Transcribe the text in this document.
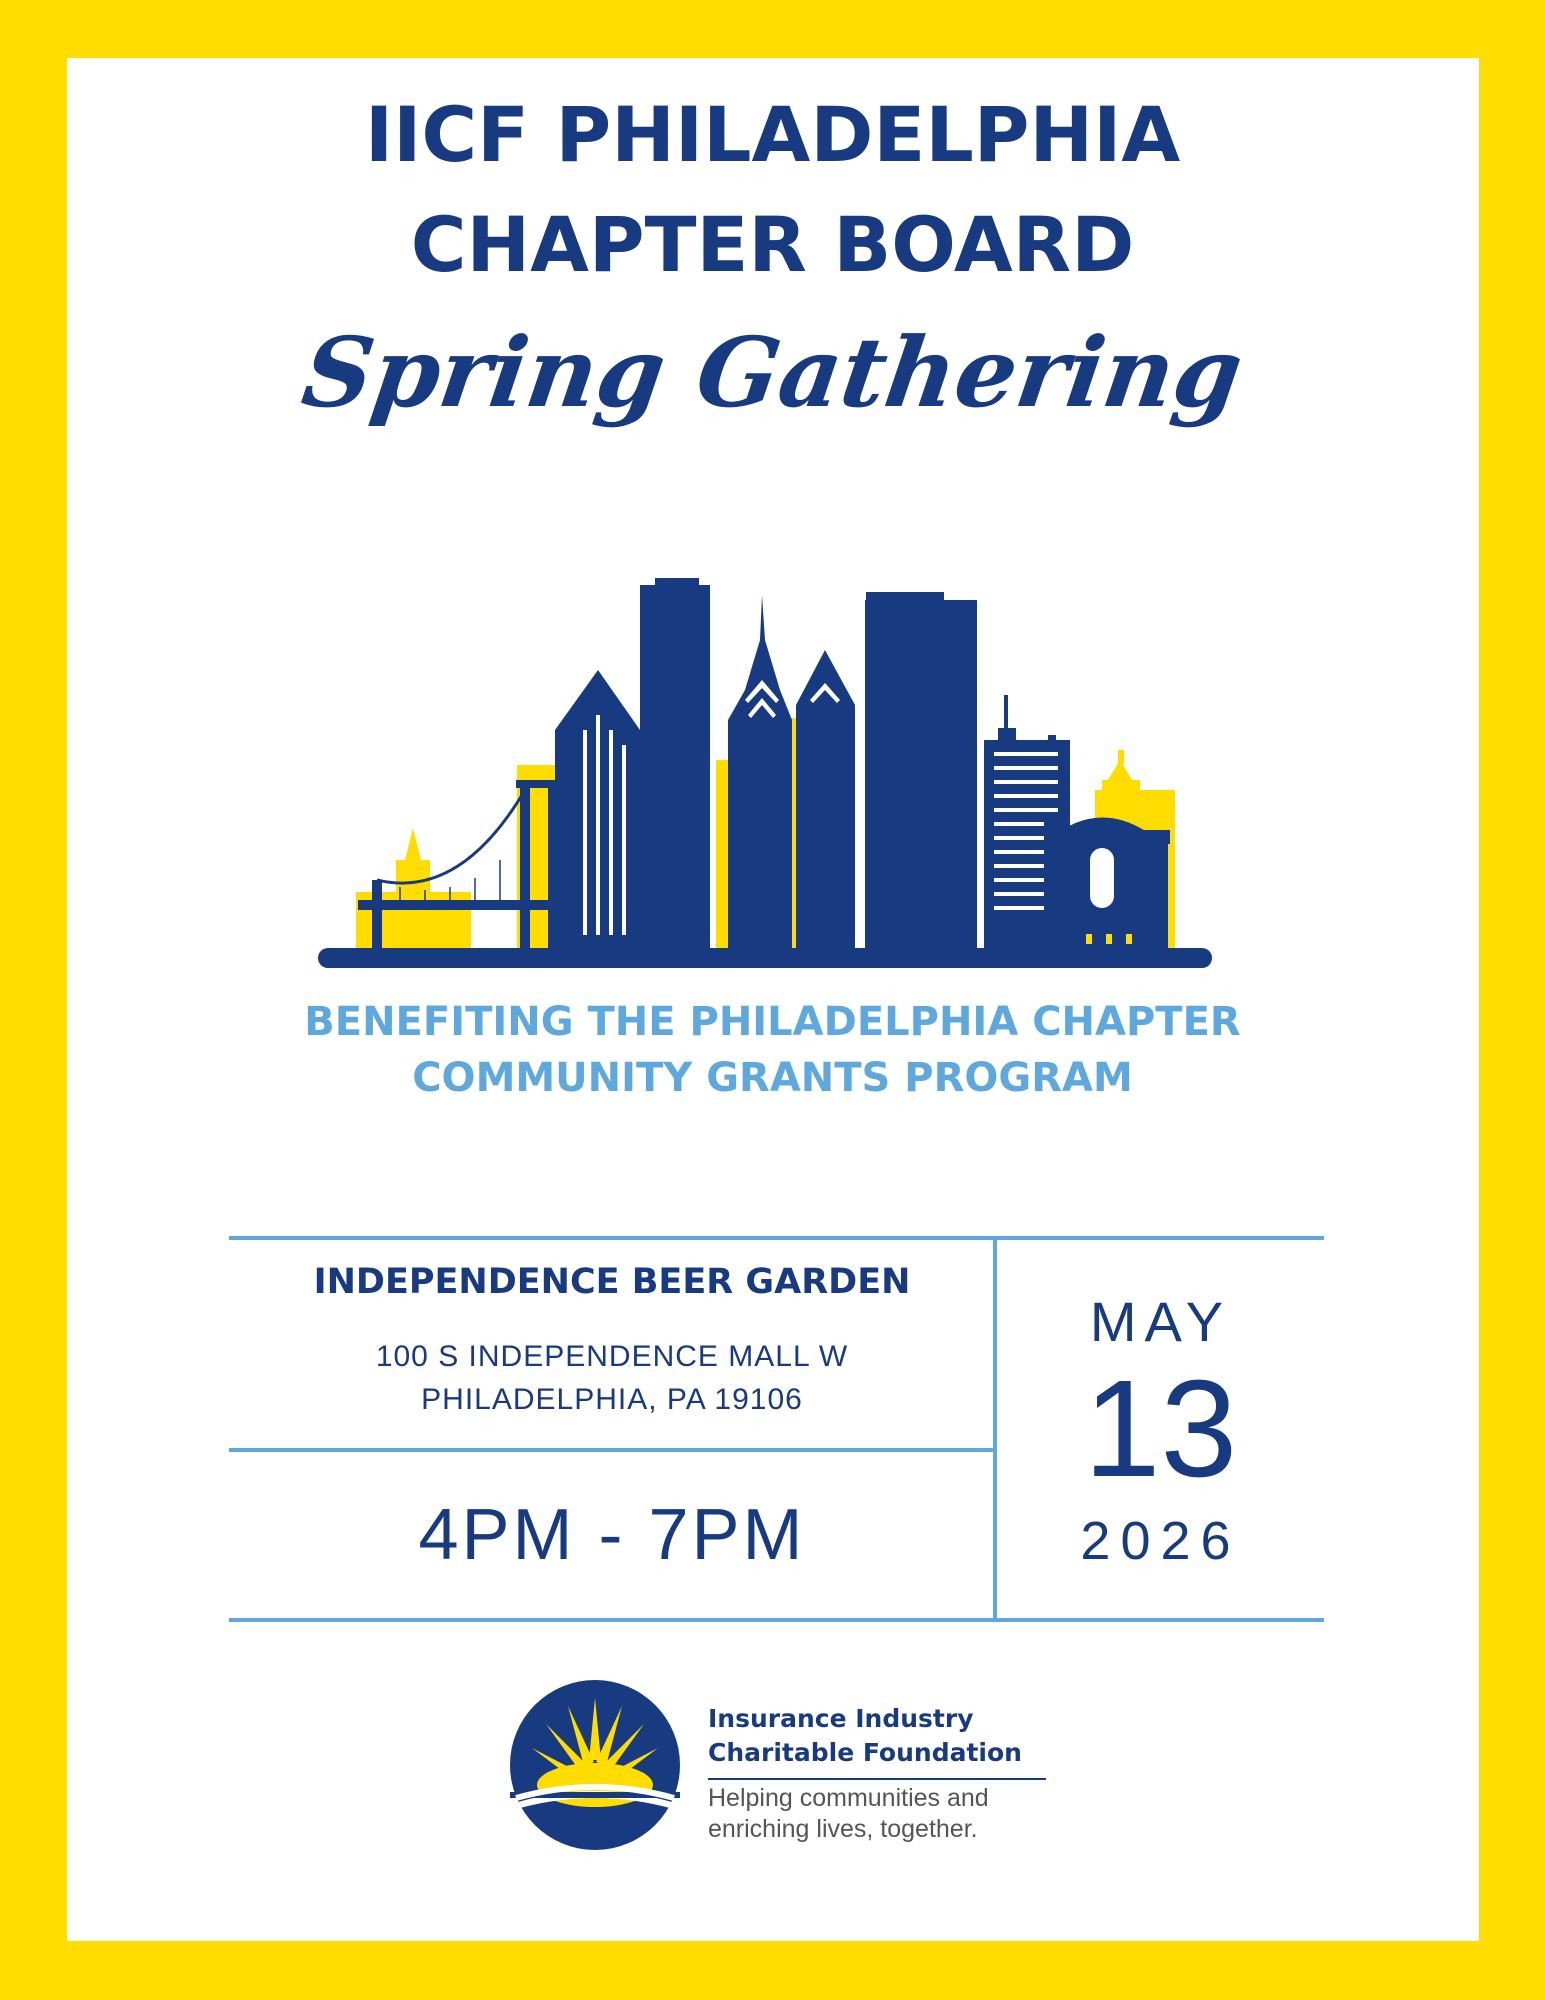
IICF PHILADELPHIA
CHAPTER BOARD
Spring Gathering
BENEFITING THE PHILADELPHIA CHAPTER
COMMUNITY GRANTS PROGRAM
INDEPENDENCE BEER GARDEN
100 S INDEPENDENCE MALL W
PHILADELPHIA, PA 19106
4PM - 7PM
MAY
13
2026
Insurance Industry
Charitable Foundation
Helping communities and
enriching lives, together.
